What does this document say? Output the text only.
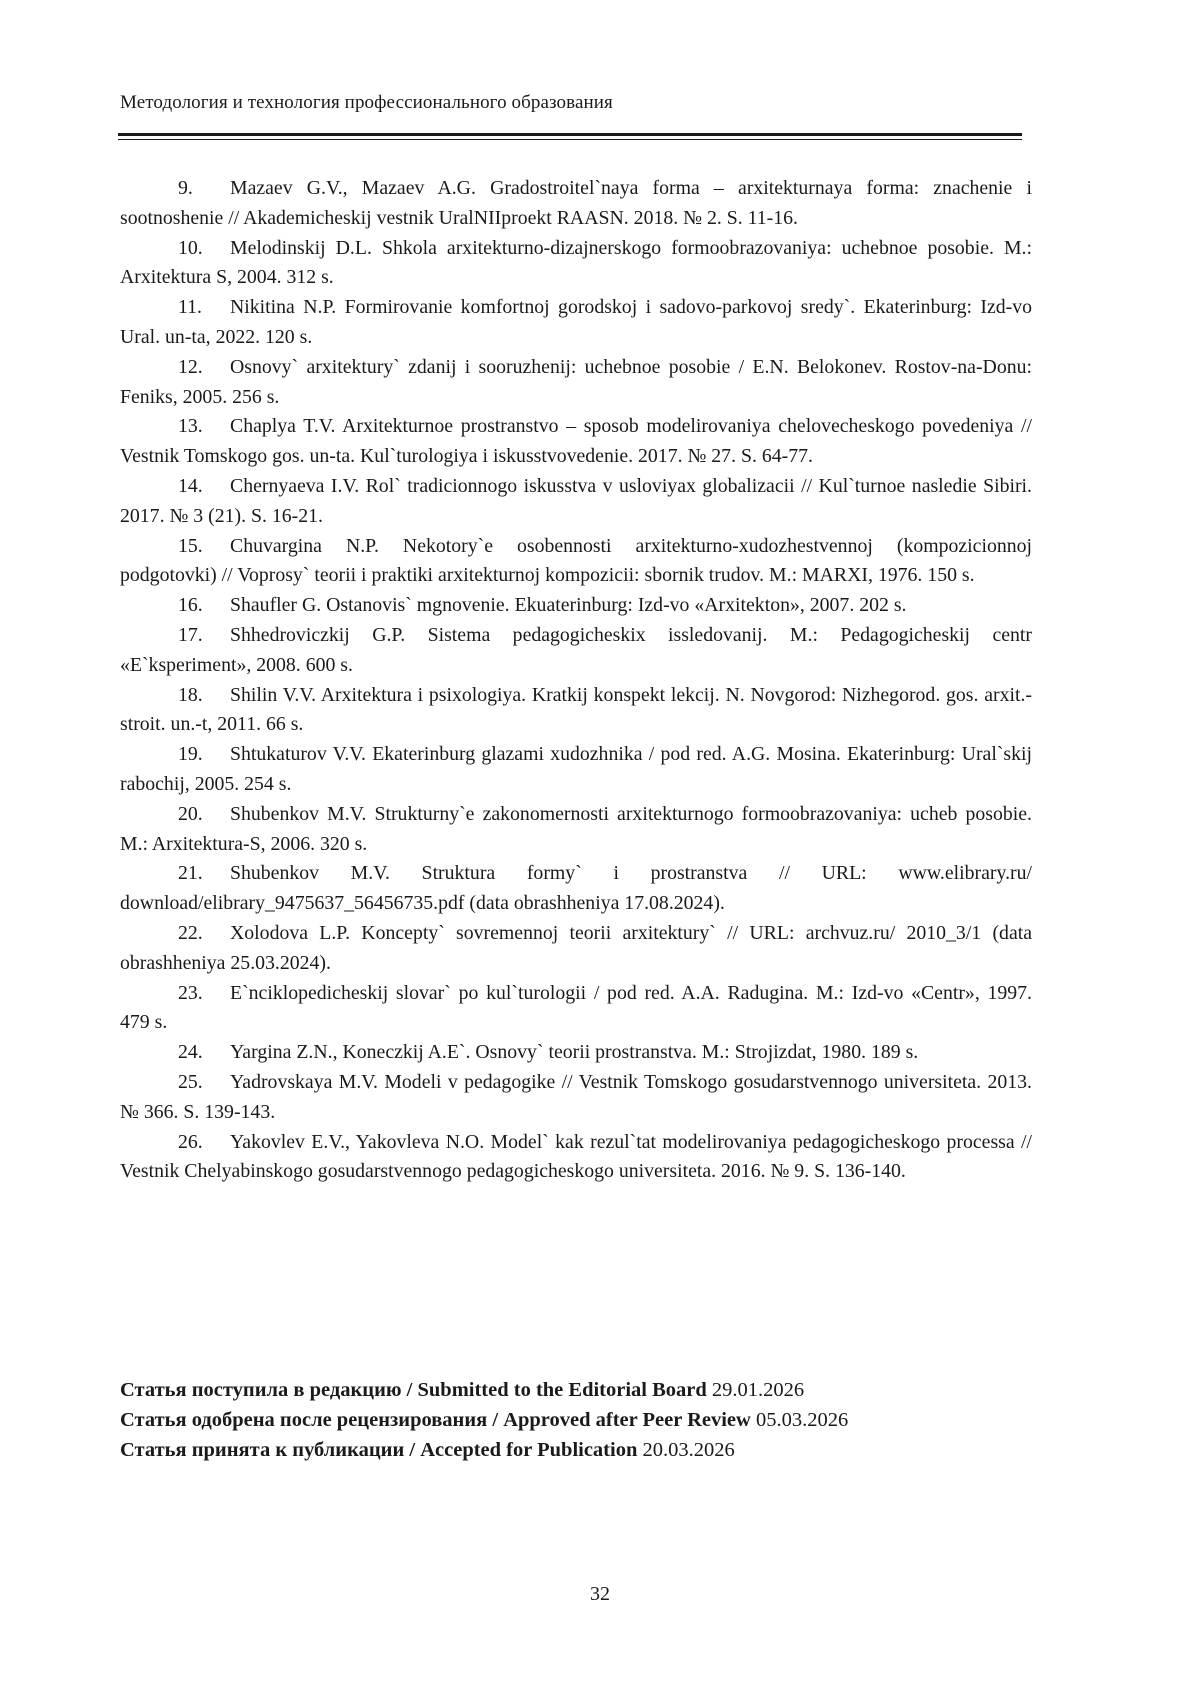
Методология и технология профессионального образования
9. Mazaev G.V., Mazaev A.G. Gradostroitel`naya forma – arxitekturnaya forma: znachenie i sootnoshenie // Akademicheskij vestnik UralNIIproekt RAASN. 2018. № 2. S. 11-16.
10. Melodinskij D.L. Shkola arxitekturno-dizajnerskogo formoobrazovaniya: uchebnoe posobie. M.: Arxitektura S, 2004. 312 s.
11. Nikitina N.P. Formirovanie komfortnoj gorodskoj i sadovo-parkovoj sredy`. Ekaterinburg: Izd-vo Ural. un-ta, 2022. 120 s.
12. Osnovy` arxitektury` zdanij i sooruzhenij: uchebnoe posobie / E.N. Belokonev. Rostov-na-Donu: Feniks, 2005. 256 s.
13. Chaplya T.V. Arxitekturnoe prostranstvo – sposob modelirovaniya chelovecheskogo povedeniya // Vestnik Tomskogo gos. un-ta. Kul`turologiya i iskusstvovedenie. 2017. № 27. S. 64-77.
14. Chernyaeva I.V. Rol` tradicionnogo iskusstva v usloviyax globalizacii // Kul`turnoe nasledie Sibiri. 2017. № 3 (21). S. 16-21.
15. Chuvargina N.P. Nekotory`e osobennosti arxitekturno-xudozhestvennoj (kompozicionnoj podgotovki) // Voprosy` teorii i praktiki arxitekturnoj kompozicii: sbornik trudov. M.: MARXI, 1976. 150 s.
16. Shaufler G. Ostanovis` mgnovenie. Ekuaterinburg: Izd-vo «Arxitekton», 2007. 202 s.
17. Shhedroviczkij G.P. Sistema pedagogicheskix issledovanij. M.: Pedagogicheskij centr «E`ksperiment», 2008. 600 s.
18. Shilin V.V. Arxitektura i psixologiya. Kratkij konspekt lekcij. N. Novgorod: Nizhegorod. gos. arxit.-stroit. un.-t, 2011. 66 s.
19. Shtukaturov V.V. Ekaterinburg glazami xudozhnika / pod red. A.G. Mosina. Ekaterinburg: Ural`skij rabochij, 2005. 254 s.
20. Shubenkov M.V. Strukturny`e zakonomernosti arxitekturnogo formoobrazovaniya: ucheb posobie. M.: Arxitektura-S, 2006. 320 s.
21. Shubenkov M.V. Struktura formy` i prostranstva // URL: www.elibrary.ru/ download/elibrary_9475637_56456735.pdf (data obrashheniya 17.08.2024).
22. Xolodova L.P. Koncepty` sovremennoj teorii arxitektury` // URL: archvuz.ru/ 2010_3/1 (data obrashheniya 25.03.2024).
23. E`nciklopedicheskij slovar` po kul`turologii / pod red. A.A. Radugina. M.: Izd-vo «Centr», 1997. 479 s.
24. Yargina Z.N., Koneczkij A.E`. Osnovy` teorii prostranstva. M.: Strojizdat, 1980. 189 s.
25. Yadrovskaya M.V. Modeli v pedagogike // Vestnik Tomskogo gosudarstvennogo universiteta. 2013. № 366. S. 139-143.
26. Yakovlev E.V., Yakovleva N.O. Model` kak rezul`tat modelirovaniya pedagogicheskogo processa // Vestnik Chelyabinskogo gosudarstvennogo pedagogicheskogo universiteta. 2016. № 9. S. 136-140.
Статья поступила в редакцию / Submitted to the Editorial Board 29.01.2026
Статья одобрена после рецензирования / Approved after Peer Review 05.03.2026
Статья принята к публикации / Accepted for Publication 20.03.2026
32
